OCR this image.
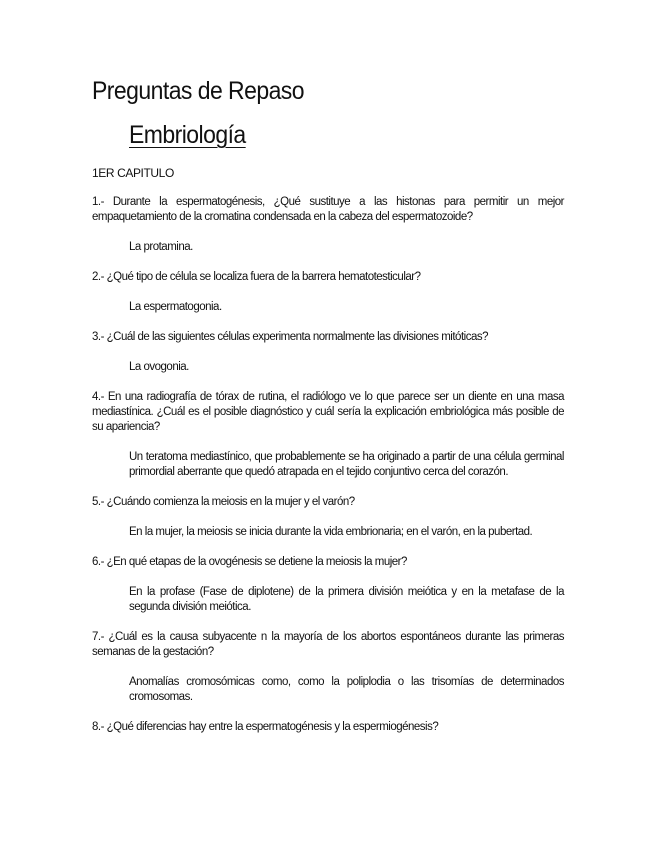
Preguntas de Repaso
Embriología
1ER CAPITULO

1.- Durante la espermatogénesis, ¿Qué sustituye a las histonas para permitir un mejor empaquetamiento de la cromatina condensada en la cabeza del espermatozoide?

La protamina.

2.- ¿Qué tipo de célula se localiza fuera de la barrera hematotesticular?

La espermatogonia.

3.- ¿Cuál de las siguientes células experimenta normalmente las divisiones mitóticas?

La ovogonia.

4.- En una radiografía de tórax de rutina, el radiólogo ve lo que parece ser un diente en una masa mediastínica. ¿Cuál es el posible diagnóstico y cuál sería la explicación embriológica más posible de su apariencia?

Un teratoma mediastínico, que probablemente se ha originado a partir de una célula germinal primordial aberrante que quedó atrapada en el tejido conjuntivo cerca del corazón.

5.- ¿Cuándo comienza la meiosis en la mujer y el varón?

En la mujer, la meiosis se inicia durante la vida embrionaria; en el varón, en la pubertad.

6.- ¿En qué etapas de la ovogénesis se detiene la meiosis la mujer?

En la profase (Fase de diplotene) de la primera división meiótica y en la metafase de la segunda división meiótica.

7.- ¿Cuál es la causa subyacente n la mayoría de los abortos espontáneos durante las primeras semanas de la gestación?

Anomalías cromosómicas como, como la poliplodia o las trisomías de determinados cromosomas.

8.- ¿Qué diferencias hay entre la espermatogénesis y la espermiogénesis?
